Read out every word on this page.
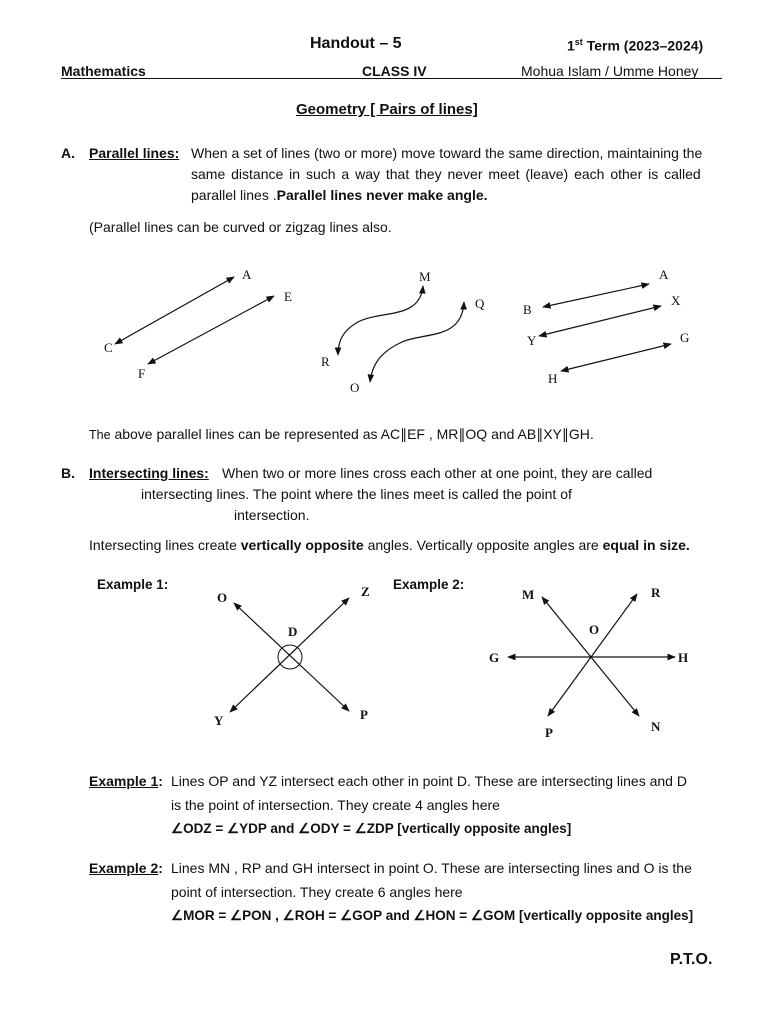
Handout – 5	1st Term (2023–2024)
Mathematics	CLASS IV	Mohua Islam / Umme Honey
Geometry [ Pairs of lines]
A. Parallel lines: When a set of lines (two or more) move toward the same direction, maintaining the
same distance in such a way that they never meet (leave) each other is called
parallel lines .Parallel lines never make angle.
(Parallel lines can be curved or zigzag lines also.
A
E
C
F
M
Q
R
O
A
B
X
Y	G
H
The above parallel lines can be represented as AC∥EF , MR∥OQ and AB∥XY∥GH.
B. Intersecting lines: When two or more lines cross each other at one point, they are called
intersecting lines. The point where the lines meet is called the point of
intersection.
Intersecting lines create vertically opposite angles. Vertically opposite angles are equal in size.
Example 1:	Example 2:
O	Z
D
Y	P
M	R
O
G	H
P	N
Example 1: Lines OP and YZ intersect each other in point D. These are intersecting lines and D
is the point of intersection. They create 4 angles here
∠ODZ = ∠YDP and ∠ODY = ∠ZDP [vertically opposite angles]
Example 2: Lines MN , RP and GH intersect in point O. These are intersecting lines and O is the
point of intersection. They create 6 angles here
∠MOR = ∠PON , ∠ROH = ∠GOP and ∠HON = ∠GOM [vertically opposite angles]
P.T.O.
